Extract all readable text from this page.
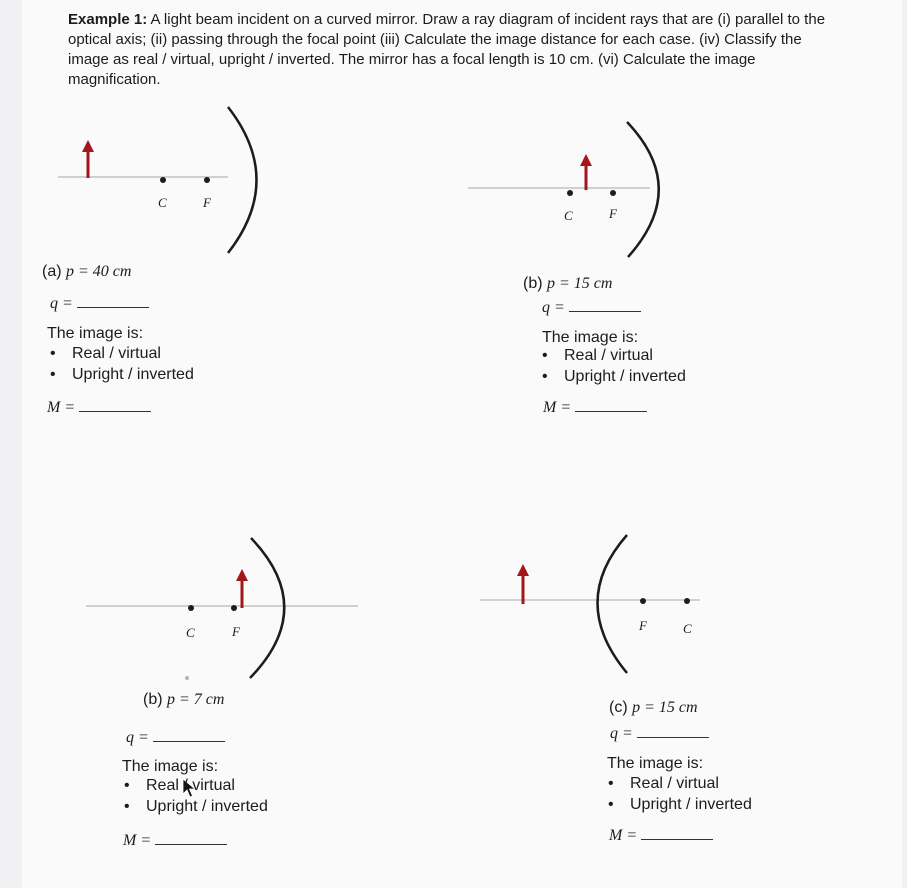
Example 1: A light beam incident on a curved mirror. Draw a ray diagram of incident rays that are (i) parallel to the optical axis; (ii) passing through the focal point (iii) Calculate the image distance for each case. (iv) Classify the image as real / virtual, upright / inverted. The mirror has a focal length is 10 cm. (vi) Calculate the image magnification.
C	F
C	F
C	F	F	C
(a) p = 40 cm
q =
The image is:
• Real / virtual
• Upright / inverted
M =
(b) p = 15 cm
q =
The image is:
• Real / virtual
• Upright / inverted
M =
(b) p = 7 cm
q =
The image is:
• Real / virtual
• Upright / inverted
M =
(c) p = 15 cm
q =
The image is:
• Real / virtual
• Upright / inverted
M =
